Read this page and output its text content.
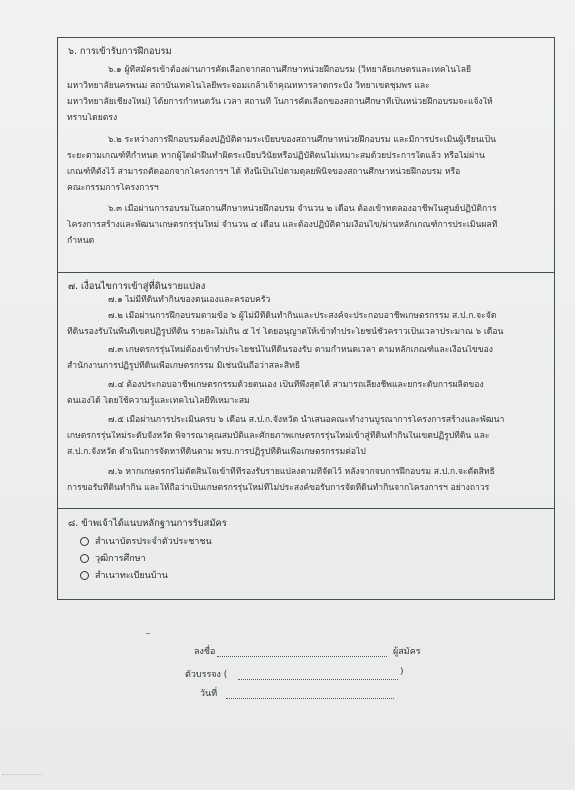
๖. การเข้ารับการฝึกอบรม
๖.๑ ผู้ที่สมัครเข้าต้องผ่านการคัดเลือกจากสถานศึกษาหน่วยฝึกอบรม (วิทยาลัยเกษตรและเทคโนโลยี
มหาวิทยาลัยนครพนม สถาบันเทคโนโลยีพระจอมเกล้าเจ้าคุณทหารลาดกระบัง วิทยาเขตชุมพร และ
มหาวิทยาลัยเชียงใหม่) ได้ยการกำหนดวัน เวลา สถานที่ ในการคัดเลือกของสถานศึกษาที่เป็นหน่วยฝึกอบรมจะแจ้งให้
ทราบโดยตรง
๖.๒ ระหว่างการฝึกอบรมต้องปฏิบัติตามระเบียบของสถานศึกษาหน่วยฝึกอบรม และมีการประเมินผู้เรียนเป็น
ระยะตามเกณฑ์ที่กำหนด หากผู้ใดฝ่าฝืนทำผิดระเบียบวินัยหรือปฏิบัติตนไม่เหมาะสมด้วยประการใดแล้ว หรือไม่ผ่าน
เกณฑ์ที่ตั้งไว้ สามารถตัดออกจากโครงการฯ ได้ ทั้งนี้เป็นไปตามดุลยพินิจของสถานศึกษาหน่วยฝึกอบรม หรือ
คณะกรรมการโครงการฯ
๖.๓ เมื่อผ่านการอบรมในสถานศึกษาหน่วยฝึกอบรม จำนวน ๒ เดือน ต้องเข้าทดลองอาชีพในศูนย์ปฏิบัติการ
โครงการสร้างและพัฒนาเกษตรกรรุ่นใหม่ จำนวน ๔ เดือน และต้องปฏิบัติตามเงื่อนไข/ผ่านหลักเกณฑ์การประเมินผลที่
กำหนด
๗. เงื่อนไขการเข้าสู่ที่ดินรายแปลง
๗.๑ ไม่มีที่ดินทำกินของตนเองและครอบครัว
๗.๒ เมื่อผ่านการฝึกอบรมตามข้อ ๖ ผู้ไม่มีที่ดินทำกินและประสงค์จะประกอบอาชีพเกษตรกรรม ส.ป.ก.จะจัด
ที่ดินรองรับในพื้นที่เขตปฏิรูปที่ดิน รายละไม่เกิน ๕ ไร่ โดยอนุญาตให้เข้าทำประโยชน์ชั่วคราวเป็นเวลาประมาณ ๖ เดือน
๗.๓ เกษตรกรรุ่นใหม่ต้องเข้าทำประโยชน์ในที่ดินรองรับ ตามกำหนดเวลา ตามหลักเกณฑ์และเงื่อนไขของ
สำนักงานการปฏิรูปที่ดินเพื่อเกษตรกรรม มิเช่นนั้นถือว่าสละสิทธิ์
๗.๔ ต้องประกอบอาชีพเกษตรกรรมด้วยตนเอง เป็นที่พึ่งสุดได้ สามารถเลี้ยงชีพและยกระดับการผลิตของ
ตนเองได้ โดยใช้ความรู้และเทคโนโลยีที่เหมาะสม
๗.๕ เมื่อผ่านการประเมินครบ ๖ เดือน ส.ป.ก.จังหวัด นำเสนอคณะทำงานบูรณาการโครงการสร้างและพัฒนา
เกษตรกรรุ่นใหม่ระดับจังหวัด พิจารณาคุณสมบัติและศักยภาพเกษตรกรรุ่นใหม่เข้าสู่ที่ดินทำกินในเขตปฏิรูปที่ดิน และ
ส.ป.ก.จังหวัด ดำเนินการจัดหาที่ดินตาม พรบ.การปฏิรูปที่ดินเพื่อเกษตรกรรมต่อไป
๗.๖ หากเกษตรกรไม่ตัดสินใจเข้าที่ที่รองรับรายแปลงตามที่จัดไว้ หลังจากจบการฝึกอบรม ส.ป.ก.จะตัดสิทธิ
การขอรับที่ดินทำกิน และให้ถือว่าเป็นเกษตรกรรุ่นใหม่ที่ไม่ประสงค์ขอรับการจัดที่ดินทำกินจากโครงการฯ อย่างถาวร
๘. ข้าพเจ้าได้แนบหลักฐานการรับสมัคร
สำเนาบัตรประจำตัวประชาชน
วุฒิการศึกษา
สำเนาทะเบียนบ้าน
ลงชื่อ	ผู้สมัคร
ตัวบรรจง (	)
วันที่
